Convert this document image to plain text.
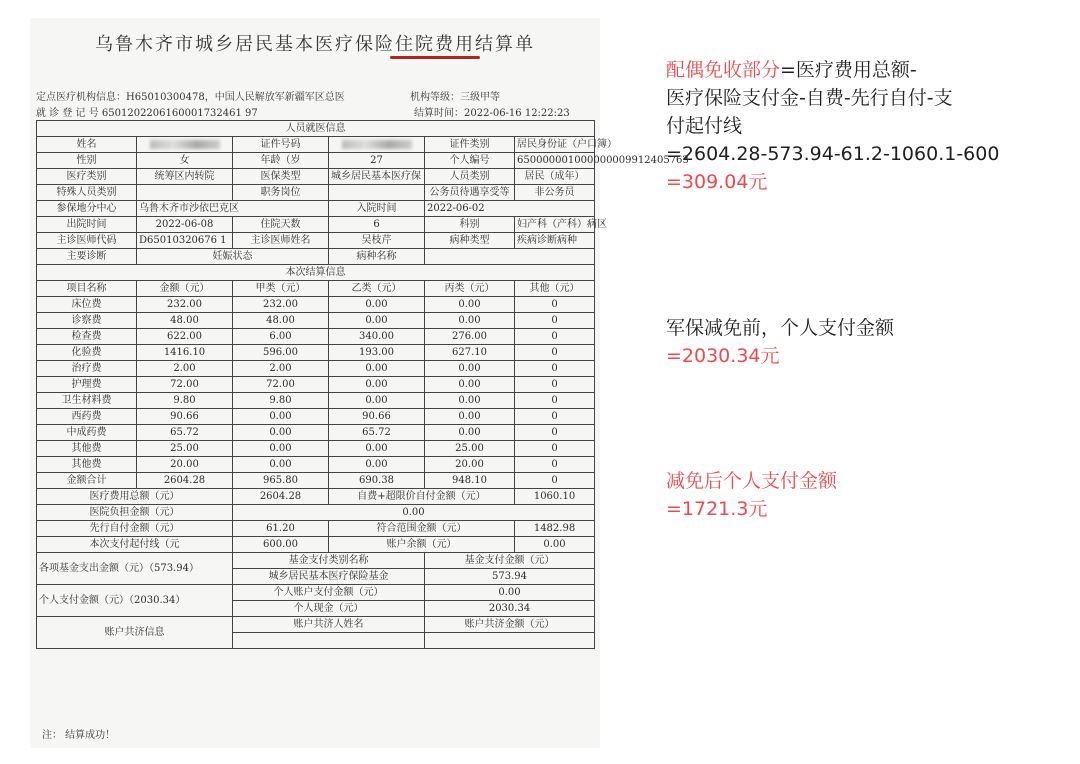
乌鲁木齐市城乡居民基本医疗保险住院费用结算单
定点医疗机构信息：H65010300478，中国人民解放军新疆军区总医	机构等级：三级甲等
就 诊 登 记 号 6501202206160001732461 97	结算时间：2022-06-16 12:22:23
人员就医信息					
姓名		证件号码		证件类别	居民身份证（户口簿）
性别	女	年龄（岁	27	个人编号	65000000100000000991240576З
医疗类别	统筹区内转院	医保类型	城乡居民基本医疗保	人员类别	居民（成年）
特殊人员类别		职务岗位		公务员待遇享受等	非公务员
参保地分中心	乌鲁木齐市沙依巴克区		入院时间	2022-06-02	
出院时间	2022-06-08	住院天数	6	科别	妇产科（产科）病区
主诊医师代码	D65010320676 1	主诊医师姓名	吴枝芹	病种类型	疾病诊断病种
主要诊断	妊娠状态		病种名称		
本次结算信息					
项目名称	金额（元）	甲类（元）	乙类（元）	丙类（元）	其他（元）
床位费	232.00	232.00	0.00	0.00	0
诊察费	48.00	48.00	0.00	0.00	0
检查费	622.00	6.00	340.00	276.00	0
化验费	1416.10	596.00	193.00	627.10	0
治疗费	2.00	2.00	0.00	0.00	0
护理费	72.00	72.00	0.00	0.00	0
卫生材料费	9.80	9.80	0.00	0.00	0
西药费	90.66	0.00	90.66	0.00	0
中成药费	65.72	0.00	65.72	0.00	0
其他费	25.00	0.00	0.00	25.00	0
其他费	20.00	0.00	0.00	20.00	0
金额合计	2604.28	965.80	690.38	948.10	0
医疗费用总额（元）		2604.28	自费+超限价自付金额（元）		1060.10
医院负担金额（元）		0.00			
先行自付金额（元）		61.20	符合范围金额（元）		1482.98
本次支付起付线（元		600.00	账户余额（元）		0.00
各项基金支出金额（元）（573.94）		基金支付类别名称		基金支付金额（元）	
		城乡居民基本医疗保险基金		573.94	
个人支付金额（元）（2030.34）		个人账户支付金额（元）		0.00	
		个人现金（元）		2030.34	
账户共济信息		账户共济人姓名		账户共济金额（元）	

注： 结算成功！
配偶免收部分=医疗费用总额-
医疗保险支付金-自费-先行自付-支
付起付线
=2604.28-573.94-61.2-1060.1-600
=309.04元
军保减免前，个人支付金额
=2030.34元
减免后个人支付金额
=1721.3元
